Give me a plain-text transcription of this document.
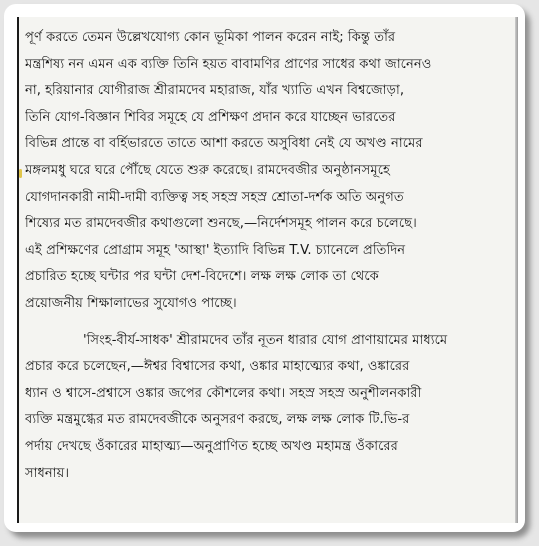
পূর্ণ করতে তেমন উল্লেখযোগ্য কোন ভূমিকা পালন করেন নাই; কিন্তু তাঁর
মন্ত্রশিষ্য নন এমন এক ব্যক্তি তিনি হয়ত বাবামণির প্রাণের সাধের কথা জানেনও
না, হরিয়ানার যোগীরাজ শ্রীরামদেব মহারাজ, যাঁর খ্যাতি এখন বিশ্বজোড়া,
তিনি যোগ-বিজ্ঞান শিবির সমূহে যে প্রশিক্ষণ প্রদান করে যাচ্ছেন ভারতের
বিভিন্ন প্রান্তে বা বর্হিভারতে তাতে আশা করতে অসুবিধা নেই যে অখণ্ড নামের
মঙ্গলমধু ঘরে ঘরে পৌঁছে যেতে শুরু করেছে। রামদেবজীর অনুষ্ঠানসমূহে
যোগদানকারী নামী-দামী ব্যক্তিত্ব সহ সহস্র সহস্র শ্রোতা-দর্শক অতি অনুগত
শিষ্যের মত রামদেবজীর কথাগুলো শুনছে,—নির্দেশসমূহ পালন করে চলেছে।
এই প্রশিক্ষণের প্রোগ্রাম সমূহ 'আস্থা' ইত্যাদি বিভিন্ন T.V. চ্যানেলে প্রতিদিন
প্রচারিত হচ্ছে ঘন্টার পর ঘন্টা দেশ-বিদেশে। লক্ষ লক্ষ লোক তা থেকে
প্রয়োজনীয় শিক্ষালাভের সুযোগও পাচ্ছে।
'সিংহ-বীর্য-সাধক' শ্রীরামদেব তাঁর নূতন ধারার যোগ প্রাণায়ামের মাধ্যমে
প্রচার করে চলেছেন,—ঈশ্বর বিশ্বাসের কথা, ওঙ্কার মাহাত্ম্যের কথা, ওঙ্কারের
ধ্যান ও শ্বাসে-প্রশ্বাসে ওঙ্কার জপের কৌশলের কথা। সহস্র সহস্র অনুশীলনকারী
ব্যক্তি মন্ত্রমুগ্ধের মত রামদেবজীকে অনুসরণ করছে, লক্ষ লক্ষ লোক টি.ভি-র
পর্দায় দেখছে ওঁকারের মাহাত্ম্য—অনুপ্রাণিত হচ্ছে অখণ্ড মহামন্ত্র ওঁকারের
সাধনায়।
